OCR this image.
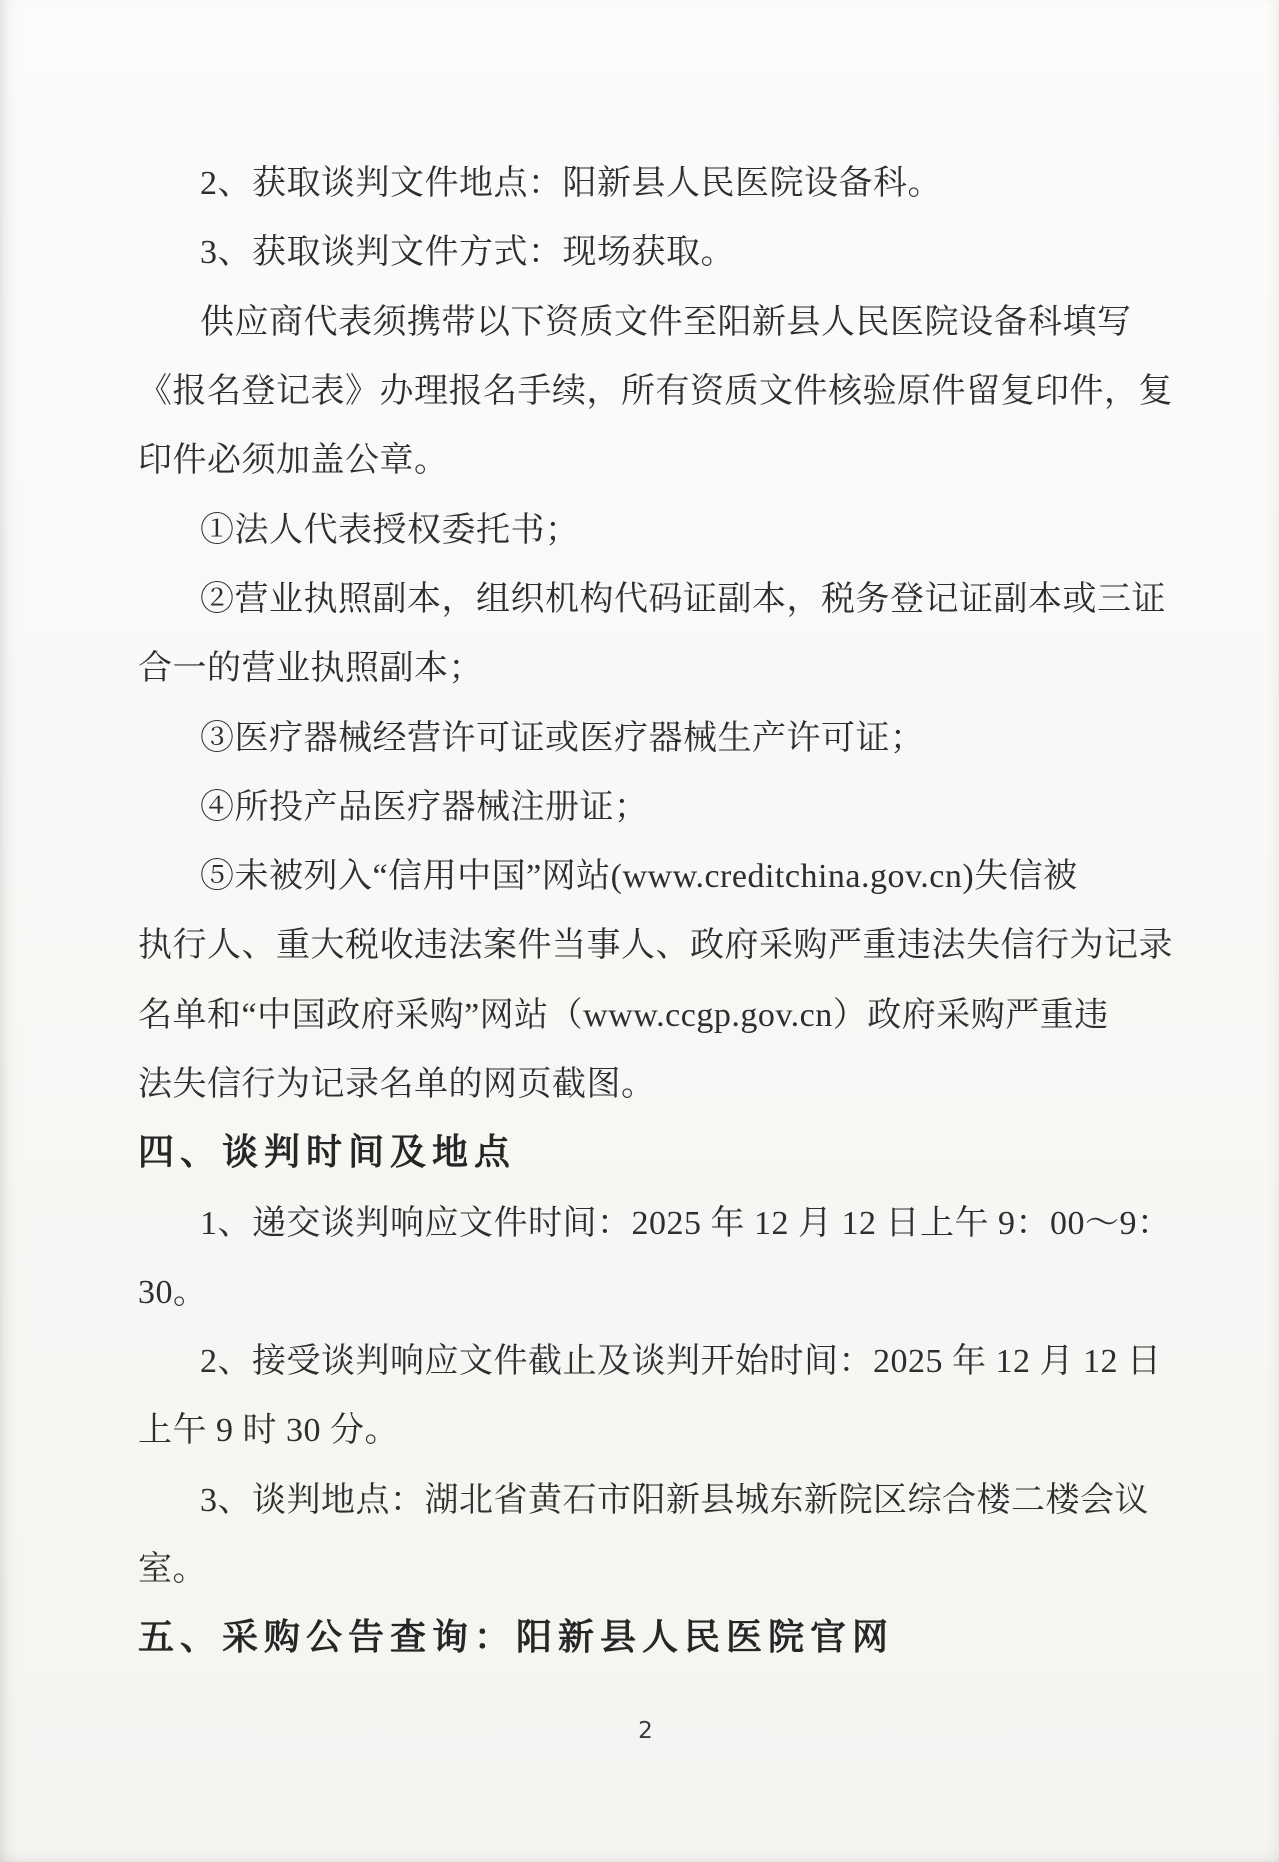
2、获取谈判文件地点：阳新县人民医院设备科。
3、获取谈判文件方式：现场获取。
供应商代表须携带以下资质文件至阳新县人民医院设备科填写
《报名登记表》办理报名手续，所有资质文件核验原件留复印件，复
印件必须加盖公章。
①法人代表授权委托书；
②营业执照副本，组织机构代码证副本，税务登记证副本或三证
合一的营业执照副本；
③医疗器械经营许可证或医疗器械生产许可证；
④所投产品医疗器械注册证；
⑤未被列入“信用中国”网站(www.creditchina.gov.cn)失信被
执行人、重大税收违法案件当事人、政府采购严重违法失信行为记录
名单和“中国政府采购”网站（www.ccgp.gov.cn）政府采购严重违
法失信行为记录名单的网页截图。
四、谈判时间及地点
1、递交谈判响应文件时间：2025 年 12 月 12 日上午 9：00～9：
30。
2、接受谈判响应文件截止及谈判开始时间：2025 年 12 月 12 日
上午 9 时 30 分。
3、谈判地点：湖北省黄石市阳新县城东新院区综合楼二楼会议
室。
五、采购公告查询：阳新县人民医院官网
2
